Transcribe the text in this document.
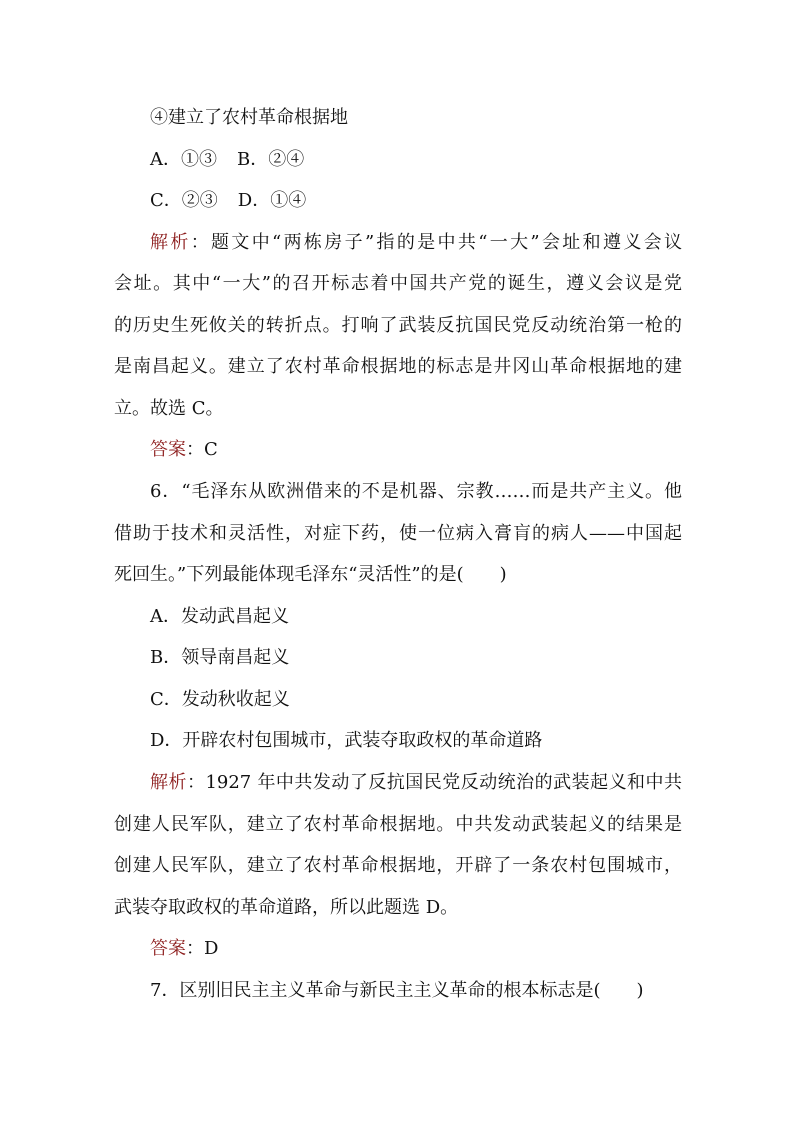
④建立了农村革命根据地
A．①③ B．②④
C．②③ D．①④
解析：题文中“两栋房子”指的是中共“一大”会址和遵义会议
会址。其中“一大”的召开标志着中国共产党的诞生，遵义会议是党
的历史生死攸关的转折点。打响了武装反抗国民党反动统治第一枪的
是南昌起义。建立了农村革命根据地的标志是井冈山革命根据地的建
立。故选 C。
答案：C
6．“毛泽东从欧洲借来的不是机器、宗教……而是共产主义。他
借助于技术和灵活性，对症下药，使一位病入膏肓的病人——中国起
死回生。”下列最能体现毛泽东“灵活性”的是(　　)
A．发动武昌起义
B．领导南昌起义
C．发动秋收起义
D．开辟农村包围城市，武装夺取政权的革命道路
解析：1927 年中共发动了反抗国民党反动统治的武装起义和中共
创建人民军队，建立了农村革命根据地。中共发动武装起义的结果是
创建人民军队，建立了农村革命根据地，开辟了一条农村包围城市，
武装夺取政权的革命道路，所以此题选 D。
答案：D
7．区别旧民主主义革命与新民主主义革命的根本标志是(　　)
